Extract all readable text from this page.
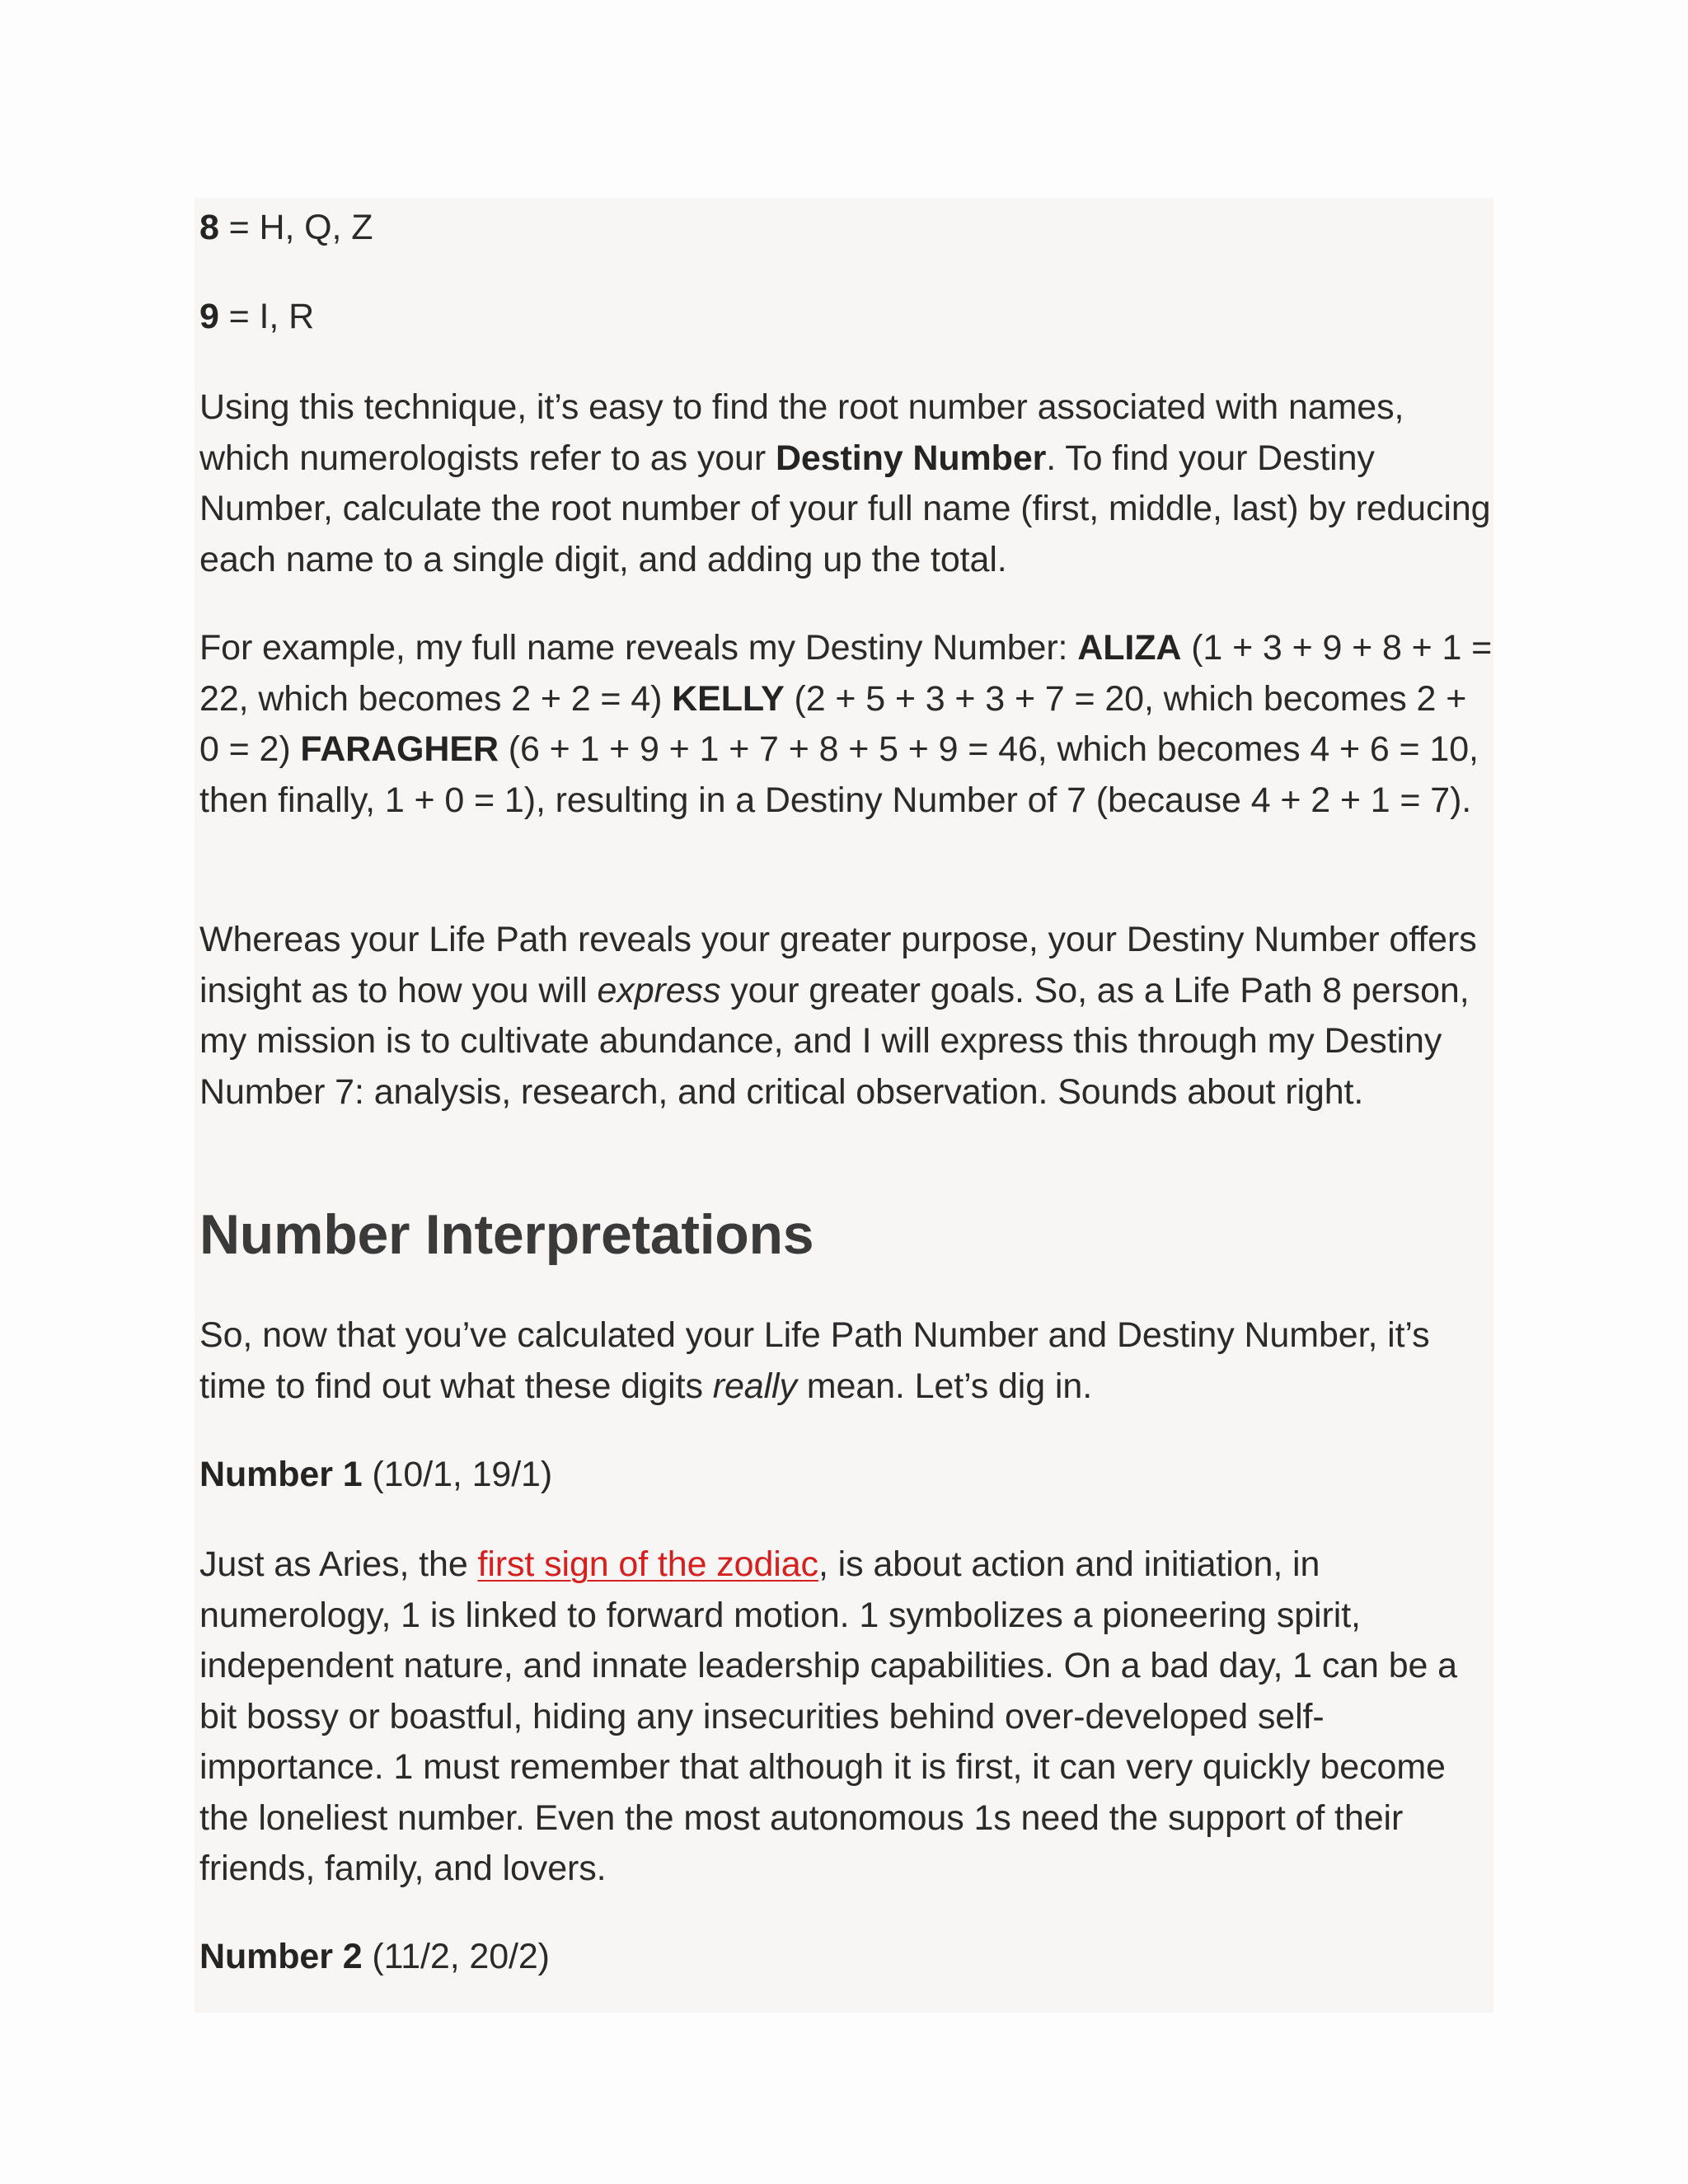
8 = H, Q, Z

9 = I, R

Using this technique, it’s easy to find the root number associated with names, which numerologists refer to as your Destiny Number. To find your Destiny Number, calculate the root number of your full name (first, middle, last) by reducing each name to a single digit, and adding up the total.

For example, my full name reveals my Destiny Number: ALIZA (1 + 3 + 9 + 8 + 1 = 22, which becomes 2 + 2 = 4) KELLY (2 + 5 + 3 + 3 + 7 = 20, which becomes 2 + 0 = 2) FARAGHER (6 + 1 + 9 + 1 + 7 + 8 + 5 + 9 = 46, which becomes 4 + 6 = 10, then finally, 1 + 0 = 1), resulting in a Destiny Number of 7 (because 4 + 2 + 1 = 7).

Whereas your Life Path reveals your greater purpose, your Destiny Number offers insight as to how you will express your greater goals. So, as a Life Path 8 person, my mission is to cultivate abundance, and I will express this through my Destiny Number 7: analysis, research, and critical observation. Sounds about right.

Number Interpretations

So, now that you’ve calculated your Life Path Number and Destiny Number, it’s time to find out what these digits really mean. Let’s dig in.

Number 1 (10/1, 19/1)

Just as Aries, the first sign of the zodiac, is about action and initiation, in numerology, 1 is linked to forward motion. 1 symbolizes a pioneering spirit, independent nature, and innate leadership capabilities. On a bad day, 1 can be a bit bossy or boastful, hiding any insecurities behind over-developed self-importance. 1 must remember that although it is first, it can very quickly become the loneliest number. Even the most autonomous 1s need the support of their friends, family, and lovers.

Number 2 (11/2, 20/2)
